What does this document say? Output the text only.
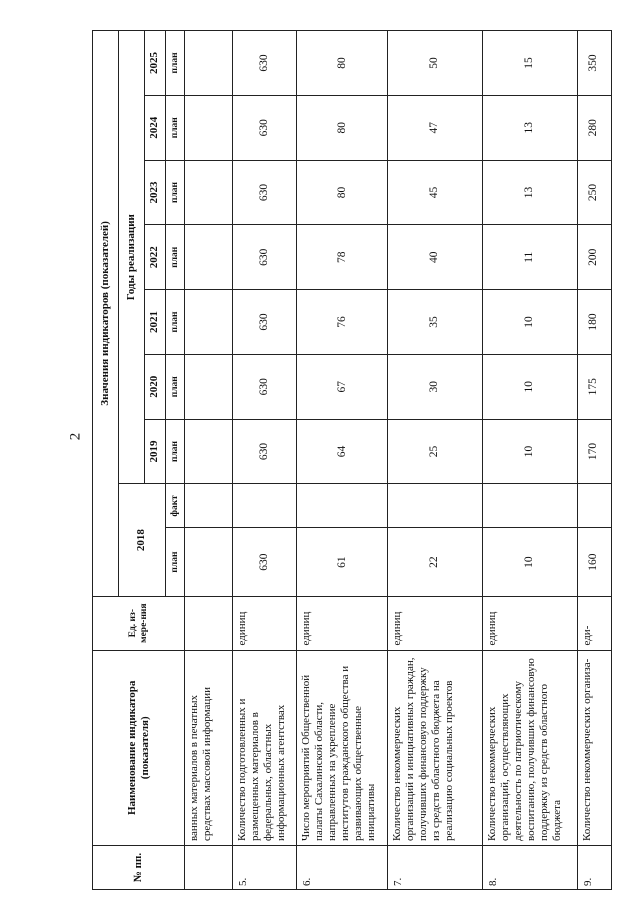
2
№ пп.	Наименование индикатора (показателя)	Ед. из-мере-ния	Значения индикаторов (показателей)								
			2018		Годы реализации						
					2019	2020	2021	2022	2023	2024	2025
			план	факт	план	план	план	план	план	план	план
	ванных материалов в печатных средствах массовой информации										
5.	Количество подготовленных и размещенных материалов в федеральных, областных информационных агентствах	единиц	630		630	630	630	630	630	630	630
6.	Число мероприятий Общественной палаты Сахалинской области, направленных на укрепление институтов гражданского общества и развивающих общественные инициативы	единиц	61		64	67	76	78	80	80	80
7.	Количество некоммерческих организаций и инициативных граждан, получивших финансовую поддержку из средств областного бюджета на реализацию социальных проектов	единиц	22		25	30	35	40	45	47	50
8.	Количество некоммерческих организаций, осуществляющих деятельность по патриотическому воспитанию, получивших финансовую поддержку из средств областного бюджета	единиц	10		10	10	10	11	13	13	15
9.	Количество некоммерческих организа-	еди-	160		170	175	180	200	250	280	350
